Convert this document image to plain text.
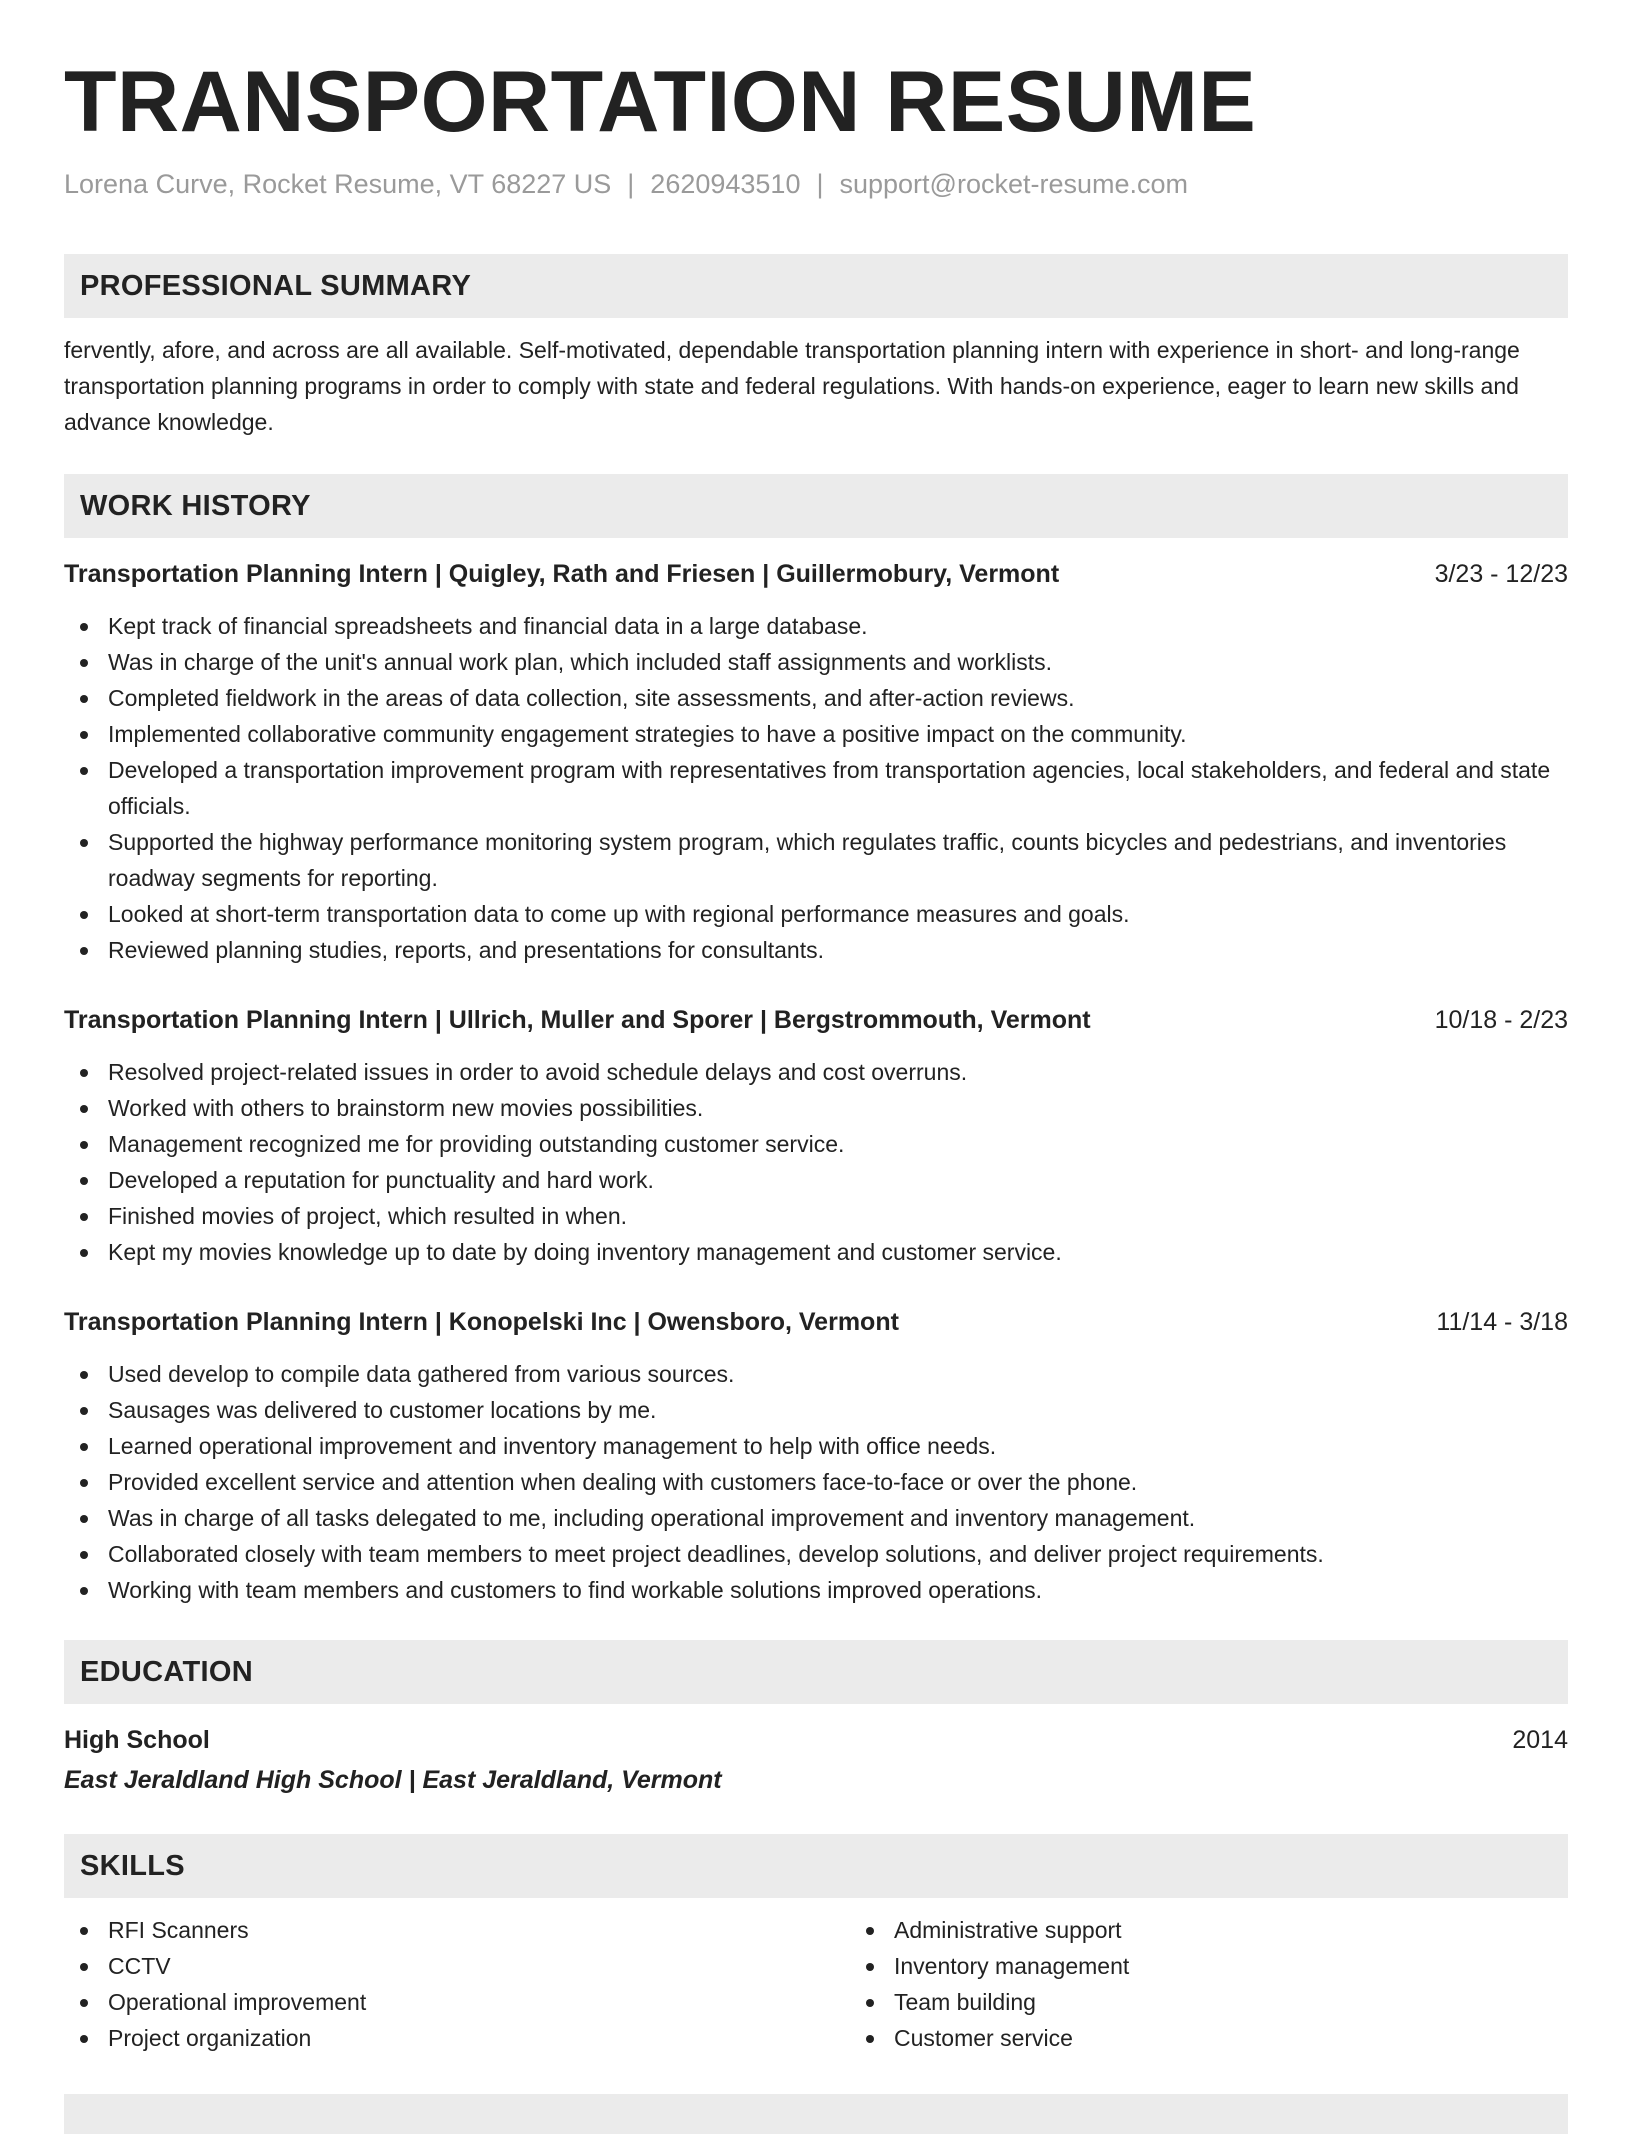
TRANSPORTATION RESUME
Lorena Curve, Rocket Resume, VT 68227 US | 2620943510 | support@rocket-resume.com
PROFESSIONAL SUMMARY
fervently, afore, and across are all available. Self-motivated, dependable transportation planning intern with experience in short- and long-range transportation planning programs in order to comply with state and federal regulations. With hands-on experience, eager to learn new skills and advance knowledge.
WORK HISTORY
Transportation Planning Intern | Quigley, Rath and Friesen | Guillermobury, Vermont	3/23 - 12/23
Kept track of financial spreadsheets and financial data in a large database.
Was in charge of the unit's annual work plan, which included staff assignments and worklists.
Completed fieldwork in the areas of data collection, site assessments, and after-action reviews.
Implemented collaborative community engagement strategies to have a positive impact on the community.
Developed a transportation improvement program with representatives from transportation agencies, local stakeholders, and federal and state officials.
Supported the highway performance monitoring system program, which regulates traffic, counts bicycles and pedestrians, and inventories roadway segments for reporting.
Looked at short-term transportation data to come up with regional performance measures and goals.
Reviewed planning studies, reports, and presentations for consultants.
Transportation Planning Intern | Ullrich, Muller and Sporer | Bergstrommouth, Vermont	10/18 - 2/23
Resolved project-related issues in order to avoid schedule delays and cost overruns.
Worked with others to brainstorm new movies possibilities.
Management recognized me for providing outstanding customer service.
Developed a reputation for punctuality and hard work.
Finished movies of project, which resulted in when.
Kept my movies knowledge up to date by doing inventory management and customer service.
Transportation Planning Intern | Konopelski Inc | Owensboro, Vermont	11/14 - 3/18
Used develop to compile data gathered from various sources.
Sausages was delivered to customer locations by me.
Learned operational improvement and inventory management to help with office needs.
Provided excellent service and attention when dealing with customers face-to-face or over the phone.
Was in charge of all tasks delegated to me, including operational improvement and inventory management.
Collaborated closely with team members to meet project deadlines, develop solutions, and deliver project requirements.
Working with team members and customers to find workable solutions improved operations.
EDUCATION
High School	2014
East Jeraldland High School | East Jeraldland, Vermont
SKILLS
RFI Scanners
CCTV
Operational improvement
Project organization
Administrative support
Inventory management
Team building
Customer service
